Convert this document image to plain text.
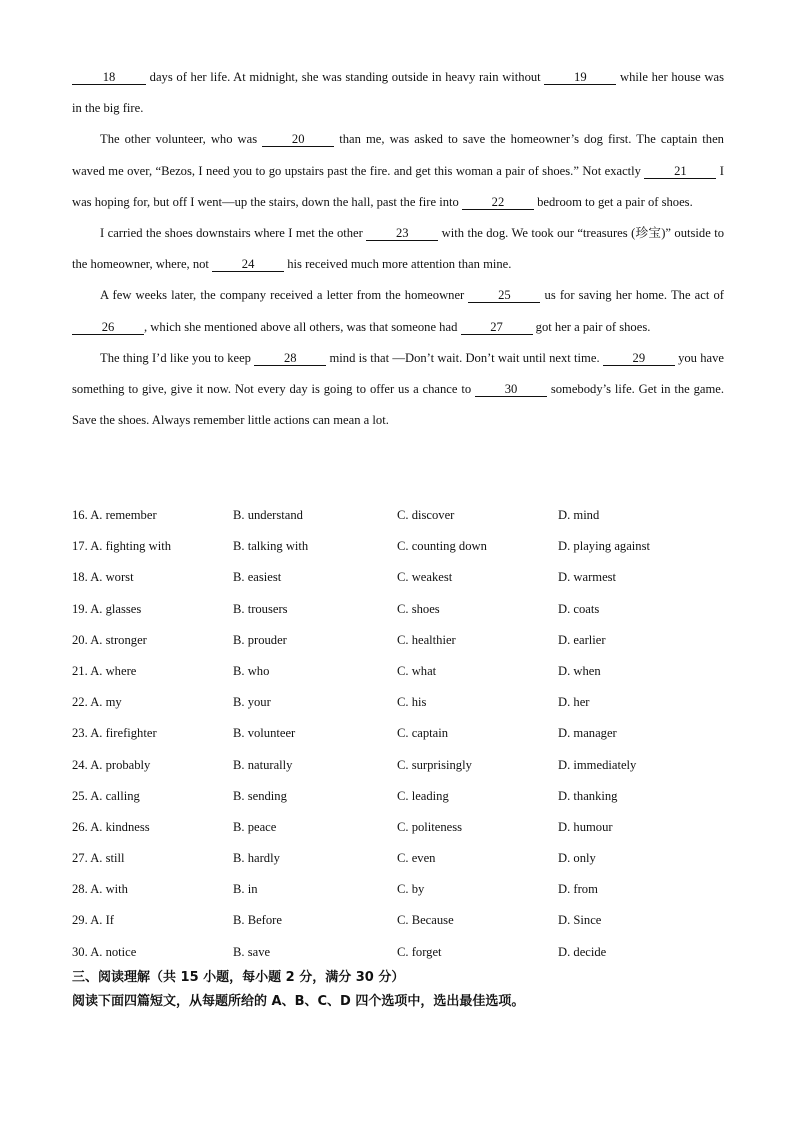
18 days of her life. At midnight, she was standing outside in heavy rain without 19 while her house was in the big fire.

The other volunteer, who was 20 than me, was asked to save the homeowner’s dog first. The captain then waved me over, “Bezos, I need you to go upstairs past the fire. and get this woman a pair of shoes.” Not exactly 21 I was hoping for, but off I went—up the stairs, down the hall, past the fire into 22 bedroom to get a pair of shoes.

I carried the shoes downstairs where I met the other 23 with the dog. We took our “treasures (珍宝)” outside to the homeowner, where, not 24 his received much more attention than mine.

A few weeks later, the company received a letter from the homeowner 25 us for saving her home. The act of 26 , which she mentioned above all others, was that someone had 27 got her a pair of shoes.

The thing I’d like you to keep 28 mind is that —Don’t wait. Don’t wait until next time. 29 you have something to give, give it now. Not every day is going to offer us a chance to 30 somebody’s life. Get in the game. Save the shoes. Always remember little actions can mean a lot.

16. A. remember	B. understand	C. discover	D. mind
17. A. fighting with	B. talking with	C. counting down	D. playing against
18. A. worst	B. easiest	C. weakest	D. warmest
19. A. glasses	B. trousers	C. shoes	D. coats
20. A. stronger	B. prouder	C. healthier	D. earlier
21. A. where	B. who	C. what	D. when
22. A. my	B. your	C. his	D. her
23. A. firefighter	B. volunteer	C. captain	D. manager
24. A. probably	B. naturally	C. surprisingly	D. immediately
25. A. calling	B. sending	C. leading	D. thanking
26. A. kindness	B. peace	C. politeness	D. humour
27. A. still	B. hardly	C. even	D. only
28. A. with	B. in	C. by	D. from
29. A. If	B. Before	C. Because	D. Since
30. A. notice	B. save	C. forget	D. decide
三、阅读理解（共 15 小题，每小题 2 分，满分 30 分）
阅读下面四篇短文，从每题所给的 A、B、C、D 四个选项中，选出最佳选项。
